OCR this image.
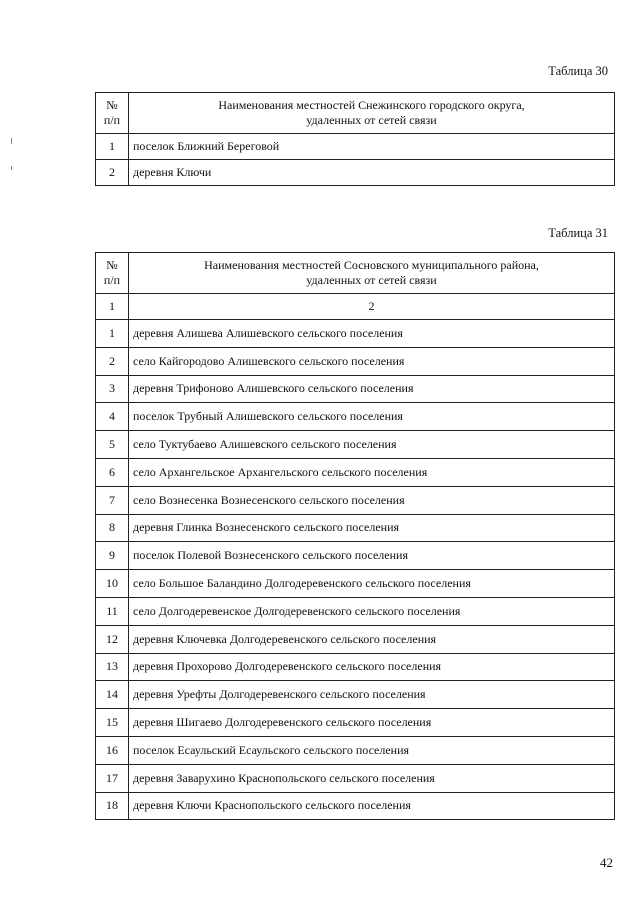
Таблица 30
№
п/п	Наименования местностей Снежинского городского округа,
удаленных от сетей связи
1	поселок Ближний Береговой
2	деревня Ключи
Таблица 31
№
п/п	Наименования местностей Сосновского муниципального района,
удаленных от сетей связи
1	2
1	деревня Алишева Алишевского сельского поселения
2	село Кайгородово Алишевского сельского поселения
3	деревня Трифоново Алишевского сельского поселения
4	поселок Трубный Алишевского сельского поселения
5	село Туктубаево Алишевского сельского поселения
6	село Архангельское Архангельского сельского поселения
7	село Вознесенка Вознесенского сельского поселения
8	деревня Глинка Вознесенского сельского поселения
9	поселок Полевой Вознесенского сельского поселения
10	село Большое Баландино Долгодеревенского сельского поселения
11	село Долгодеревенское Долгодеревенского сельского поселения
12	деревня Ключевка Долгодеревенского сельского поселения
13	деревня Прохорово Долгодеревенского сельского поселения
14	деревня Урефты Долгодеревенского сельского поселения
15	деревня Шигаево Долгодеревенского сельского поселения
16	поселок Есаульский Есаульского сельского поселения
17	деревня Заварухино Краснопольского сельского поселения
18	деревня Ключи Краснопольского сельского поселения
42
